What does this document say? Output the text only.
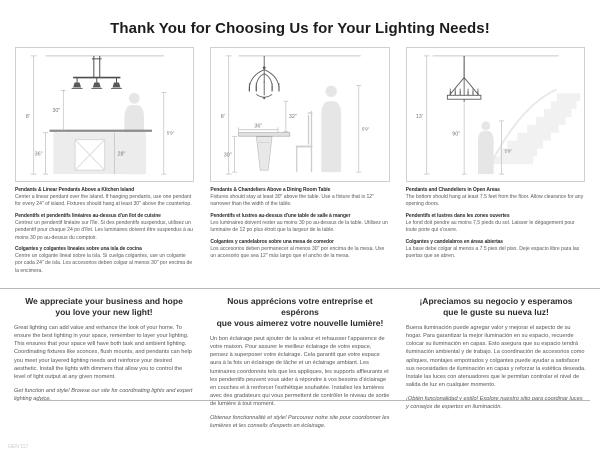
Thank You for Choosing Us for Your Lighting Needs!
8'
30"
36"	28"
5'9"
Pendants & Linear Pendants Above a Kitchen Island

Center a linear pendant over the island. If hanging pendants, use one pendant for every 24" of island. Fixtures should hang at least 30" above the countertop.

Pendentifs et pendentifs linéaires au-dessus d'un îlot de cuisine

Centrez un pendentif linéaire sur l'île. Si des pendentifs suspendus, utilisez un pendentif pour chaque 24 po d'îlot. Les luminaires doivent être suspendus à au moins 30 po au-dessus du comptoir.

Colgantes y colgantes lineales sobre una isla de cocina

Centre un colgante lineal sobre la isla. Si cuelga colgantes, use un colgante por cada 24" de isla. Los accesorios deben colgar al menos 30" por encima de la encimera.

8'	32"
36"
30"
5'9"
Pendants & Chandeliers Above a Dining Room Table

Fixtures should stay at least 30" above the table. Use a fixture that is 12" narrower than the width of the table.

Pendentifs et lustres au-dessus d'une table de salle à manger

Les luminaires doivent rester au moins 30 po au-dessus de la table. Utilisez un luminaire de 12 po plus étroit que la largeur de la table.

Colgantes y candelabros sobre una mesa de comedor

Los accesorios deben permanecer al menos 30" por encima de la mesa. Use un accesorio que sea 12" más largo que el ancho de la mesa.

13'
90"
5'9"
Pendants and Chandeliers in Open Areas

The bottom should hang at least 7.5 feet from the floor. Allow clearance for any opening doors.

Pendentifs et lustres dans les zones ouvertes

Le fond doit pendre au moins 7,5 pieds du sol. Laisser le dégagement pour toute porte qui s'ouvre.

Colgantes y candelabros en áreas abiertas

La base debe colgar al menos a 7.5 pies del piso. Deje espacio libre para las puertas que se abren.

We appreciate your business and hope
you love your new light!

Great lighting can add value and enhance the look of your home. To ensure the best lighting in your space, remember to layer your lighting. This ensures that your space will have both task and ambient lighting. Coordinating fixtures like sconces, flush mounts, and pendants can help you meet your layered lighting needs and reinforce your desired aesthetic. Install the lights with dimmers that allow you to control the level of light output at any given moment.

Get function and style! Browse our site for coordinating lights and expert lighting advice.

Nous apprécions votre entreprise et espérons
que vous aimerez votre nouvelle lumière!

Un bon éclairage peut ajouter de la valeur et rehausser l'apparence de votre maison. Pour assurer le meilleur éclairage de votre espace, pensez à superposer votre éclairage. Cela garantit que votre espace aura à la fois un éclairage de tâche et un éclairage ambiant. Les luminaires coordonnés tels que les appliques, les supports affleurants et les pendentifs peuvent vous aider à répondre à vos besoins d'éclairage en couches et à renforcer l'esthétique souhaitée. Installez les lumières avec des gradateurs qui vous permettent de contrôler le niveau de sortie de lumière à tout moment.

Obtenez fonctionnalité et style! Parcourez notre site pour coordonner les lumières et les conseils d'experts en éclairage.

¡Apreciamos su negocio y esperamos
que le guste su nueva luz!

Buena iluminación puede agregar valor y mejorar el aspecto de su hogar. Para garantizar la mejor iluminación en su espacio, recuerde colocar su iluminación en capas. Esto asegura que su espacio tendrá iluminación ambiental y de trabajo. La coordinación de accesorios como apliques, montajes empotrados y colgantes puede ayudar a satisfacer sus necesidades de iluminación en capas y reforzar la estética deseada. Instale las luces con atenuadores que le permitan controlar el nivel de salida de luz en cualquier momento.

¡Obtén funcionalidad y estilo! Explore nuestro sitio para coordinar luces y consejos de expertos en iluminación.

GEN 117
